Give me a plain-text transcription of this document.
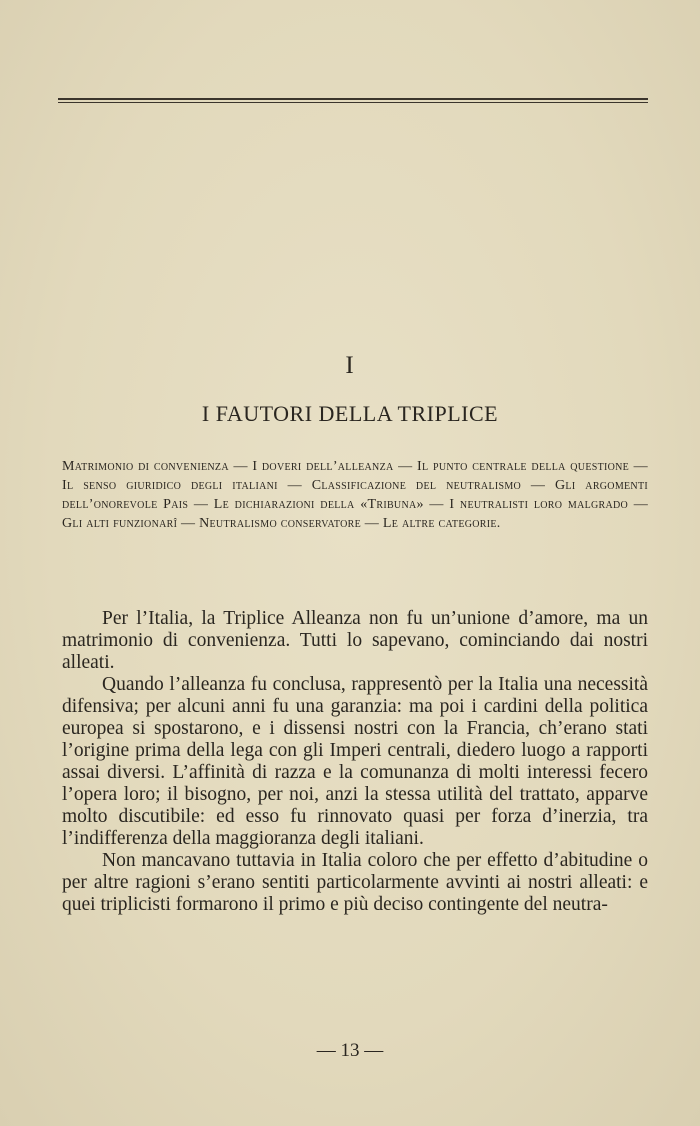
I
I FAUTORI DELLA TRIPLICE

Matrimonio di convenienza — I doveri dell’alleanza — Il punto centrale della questione — Il senso giuridico degli italiani — Classificazione del neutralismo — Gli argomenti dell’onorevole Pais — Le dichiarazioni della «Tribuna» — I neutralisti loro malgrado — Gli alti funzionarî — Neutralismo conservatore — Le altre categorie.

Per l’Italia, la Triplice Alleanza non fu un’unione d’amore, ma un matrimonio di convenienza. Tutti lo sapevano, cominciando dai nostri alleati.

Quando l’alleanza fu conclusa, rappresentò per la Italia una necessità difensiva; per alcuni anni fu una garanzia: ma poi i cardini della politica europea si spostarono, e i dissensi nostri con la Francia, ch’erano stati l’origine prima della lega con gli Imperi centrali, diedero luogo a rapporti assai diversi. L’affinità di razza e la comunanza di molti interessi fecero l’opera loro; il bisogno, per noi, anzi la stessa utilità del trattato, apparve molto discutibile: ed esso fu rinnovato quasi per forza d’inerzia, tra l’indifferenza della maggioranza degli italiani.

Non mancavano tuttavia in Italia coloro che per effetto d’abitudine o per altre ragioni s’erano sentiti particolarmente avvinti ai nostri alleati: e quei triplicisti formarono il primo e più deciso contingente del neutra-

— 13 —
